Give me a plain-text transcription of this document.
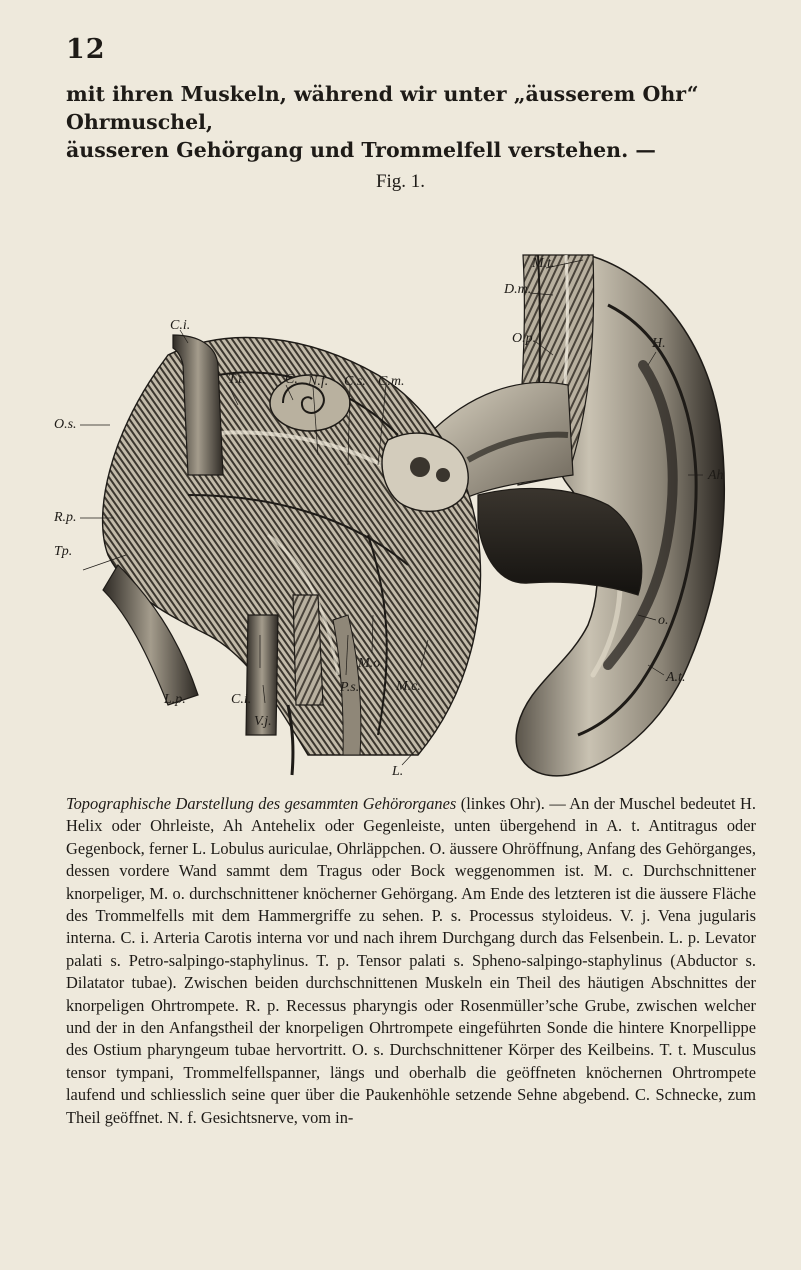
12
mit ihren Muskeln, während wir unter „äusserem Ohr“ Ohrmuschel,
äusseren Gehörgang und Trommelfell verstehen. —
Fig. 1.
M.t.
D.m.
O.p.
C.i.
H.
T.t.	C. N.f. C.s. C.m.
O.s.
Ah
R.p.
Tp.
o.
M.o.
A.t.
L.p.	C.i.
P.s.	M.c.
V.j.
L.
Topographische Darstellung des gesammten Gehörorganes (linkes Ohr). — An der Muschel bedeutet H. Helix oder Ohrleiste, Ah Antehelix oder Gegenleiste, unten übergehend in A. t. Antitragus oder Gegenbock, ferner L. Lobulus auriculae, Ohrläppchen. O. äussere Ohröffnung, Anfang des Gehörganges, dessen vordere Wand sammt dem Tragus oder Bock weggenommen ist. M. c. Durchschnittener knorpeliger, M. o. durchschnittener knöcherner Gehörgang. Am Ende des letzteren ist die äussere Fläche des Trommelfells mit dem Hammergriffe zu sehen. P. s. Processus styloideus. V. j. Vena jugularis interna. C. i. Arteria Carotis interna vor und nach ihrem Durchgang durch das Felsenbein. L. p. Levator palati s. Petro-salpingo-staphylinus. T. p. Tensor palati s. Spheno-salpingo-staphylinus (Abductor s. Dilatator tubae). Zwischen beiden durchschnittenen Muskeln ein Theil des häutigen Abschnittes der knorpeligen Ohrtrompete. R. p. Recessus pharyngis oder Rosenmüller’sche Grube, zwischen welcher und der in den Anfangstheil der knorpeligen Ohrtrompete eingeführten Sonde die hintere Knorpellippe des Ostium pharyngeum tubae hervortritt. O. s. Durchschnittener Körper des Keilbeins. T. t. Musculus tensor tympani, Trommelfellspanner, längs und oberhalb die geöffneten knöchernen Ohrtrompete laufend und schliesslich seine quer über die Paukenhöhle setzende Sehne abgebend. C. Schnecke, zum Theil geöffnet. N. f. Gesichtsnerve, vom in-
